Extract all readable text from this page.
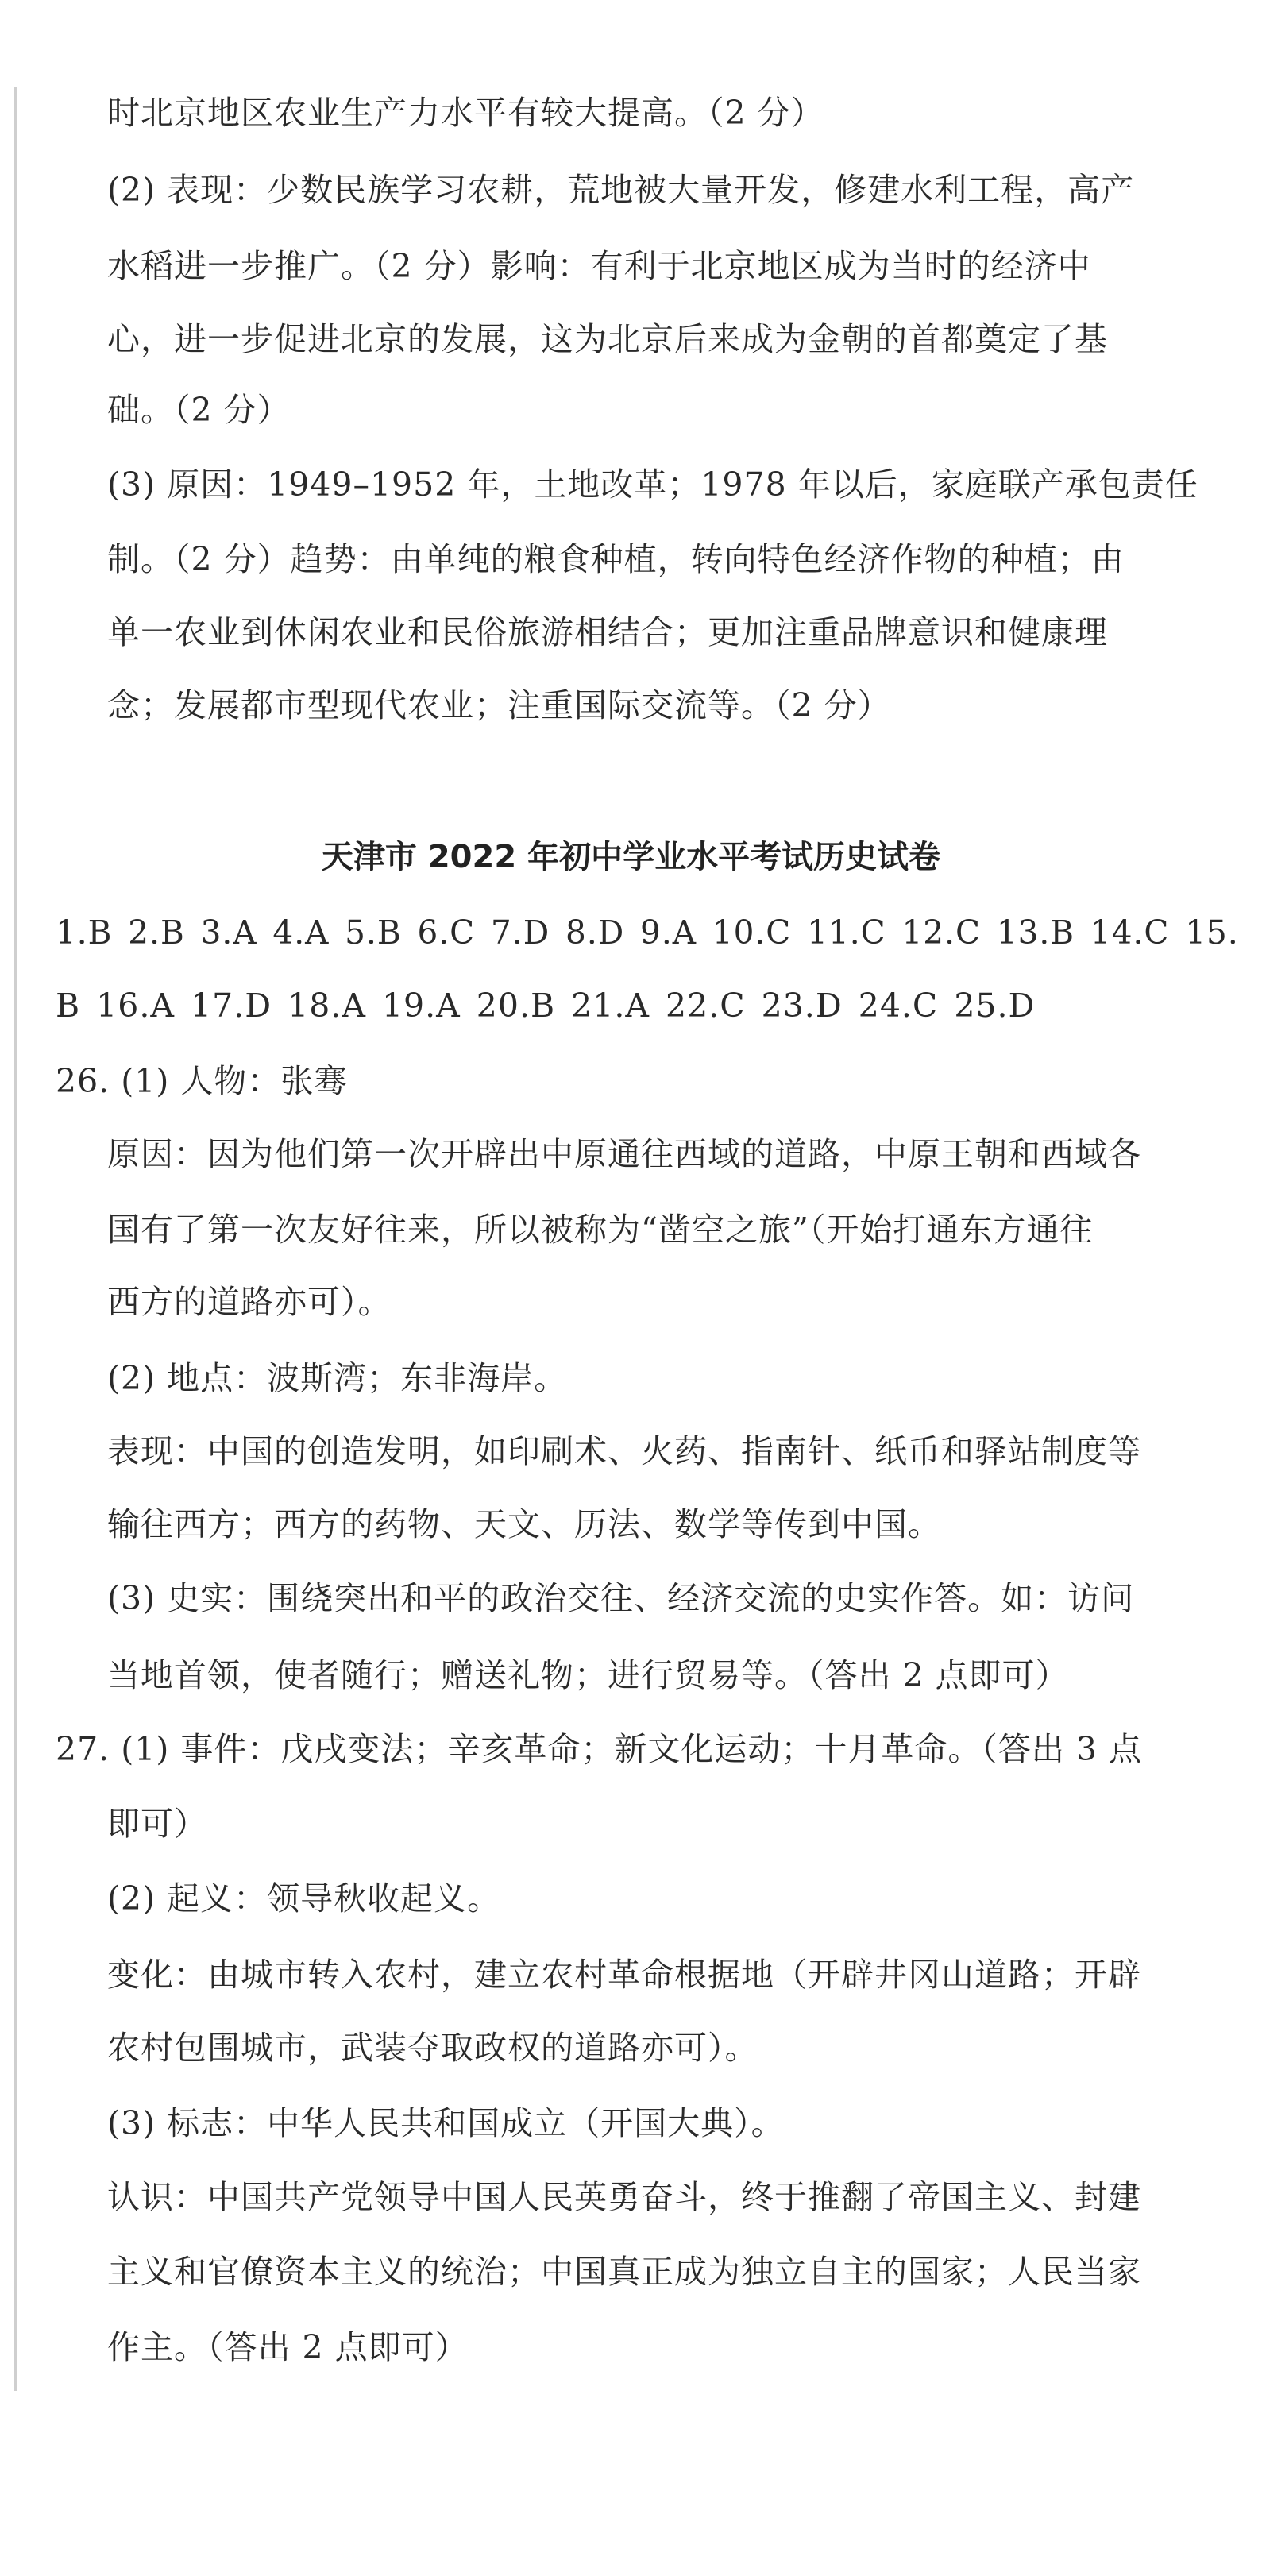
时北京地区农业生产力水平有较大提高。（2 分）
(2) 表现：少数民族学习农耕，荒地被大量开发，修建水利工程，高产
水稻进一步推广。（2 分）影响：有利于北京地区成为当时的经济中
心，进一步促进北京的发展，这为北京后来成为金朝的首都奠定了基
础。（2 分）
(3) 原因：1949–1952 年，土地改革；1978 年以后，家庭联产承包责任
制。（2 分）趋势：由单纯的粮食种植，转向特色经济作物的种植；由
单一农业到休闲农业和民俗旅游相结合；更加注重品牌意识和健康理
念；发展都市型现代农业；注重国际交流等。（2 分）
天津市 2022 年初中学业水平考试历史试卷
1.B 2.B 3.A 4.A 5.B 6.C 7.D 8.D 9.A 10.C 11.C 12.C 13.B 14.C 15.
B 16.A 17.D 18.A 19.A 20.B 21.A 22.C 23.D 24.C 25.D
26. (1) 人物：张骞
原因：因为他们第一次开辟出中原通往西域的道路，中原王朝和西域各
国有了第一次友好往来，所以被称为“凿空之旅”（开始打通东方通往
西方的道路亦可）。
(2) 地点：波斯湾；东非海岸。
表现：中国的创造发明，如印刷术、火药、指南针、纸币和驿站制度等
输往西方；西方的药物、天文、历法、数学等传到中国。
(3) 史实：围绕突出和平的政治交往、经济交流的史实作答。如：访问
当地首领，使者随行；赠送礼物；进行贸易等。（答出 2 点即可）
27. (1) 事件：戊戌变法；辛亥革命；新文化运动；十月革命。（答出 3 点
即可）
(2) 起义：领导秋收起义。
变化：由城市转入农村，建立农村革命根据地（开辟井冈山道路；开辟
农村包围城市，武装夺取政权的道路亦可）。
(3) 标志：中华人民共和国成立（开国大典）。
认识：中国共产党领导中国人民英勇奋斗，终于推翻了帝国主义、封建
主义和官僚资本主义的统治；中国真正成为独立自主的国家；人民当家
作主。（答出 2 点即可）
